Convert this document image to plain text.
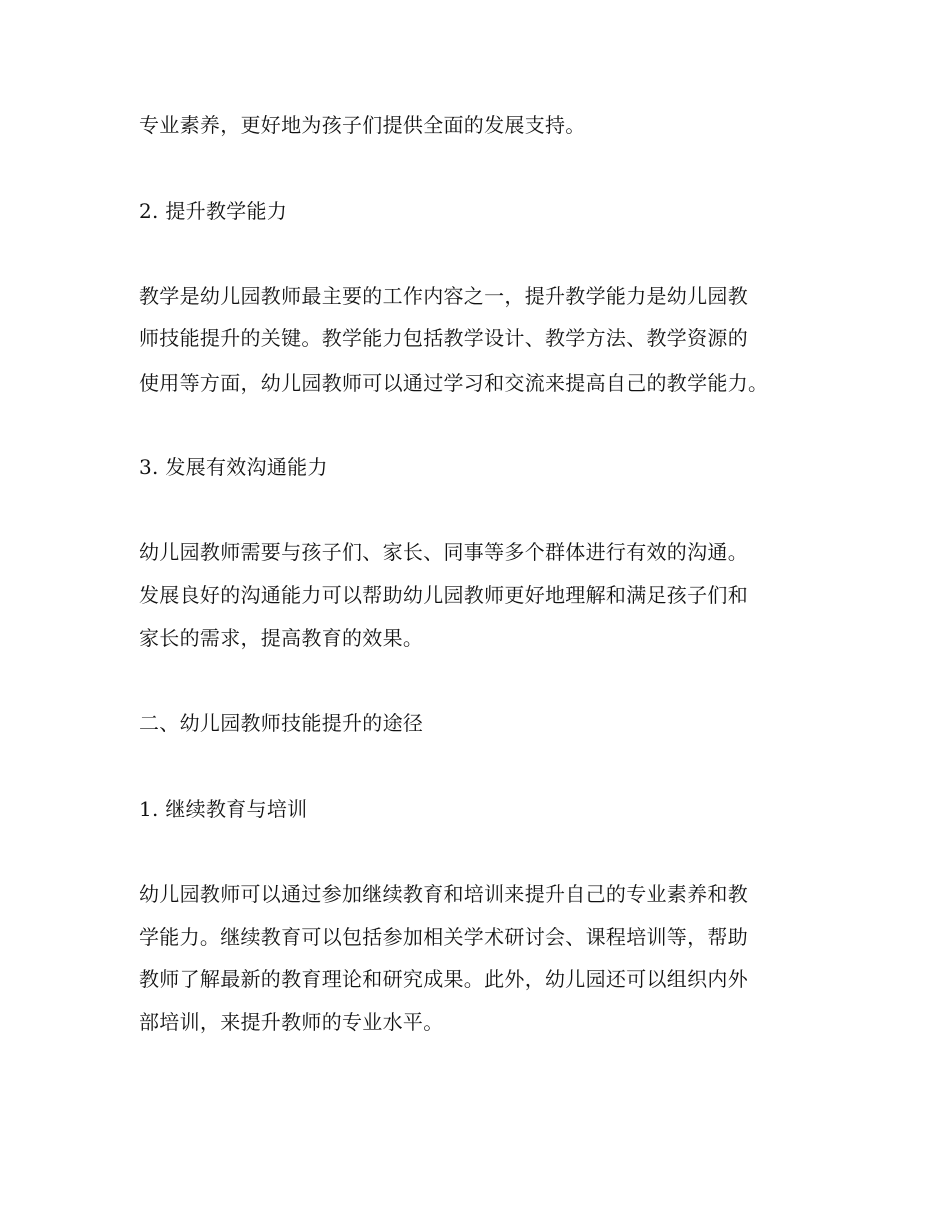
专业素养，更好地为孩子们提供全面的发展支持。
2. 提升教学能力
教学是幼儿园教师最主要的工作内容之一，提升教学能力是幼儿园教
师技能提升的关键。教学能力包括教学设计、教学方法、教学资源的
使用等方面，幼儿园教师可以通过学习和交流来提高自己的教学能力。
3. 发展有效沟通能力
幼儿园教师需要与孩子们、家长、同事等多个群体进行有效的沟通。
发展良好的沟通能力可以帮助幼儿园教师更好地理解和满足孩子们和
家长的需求，提高教育的效果。
二、幼儿园教师技能提升的途径
1. 继续教育与培训
幼儿园教师可以通过参加继续教育和培训来提升自己的专业素养和教
学能力。继续教育可以包括参加相关学术研讨会、课程培训等，帮助
教师了解最新的教育理论和研究成果。此外，幼儿园还可以组织内外
部培训，来提升教师的专业水平。
